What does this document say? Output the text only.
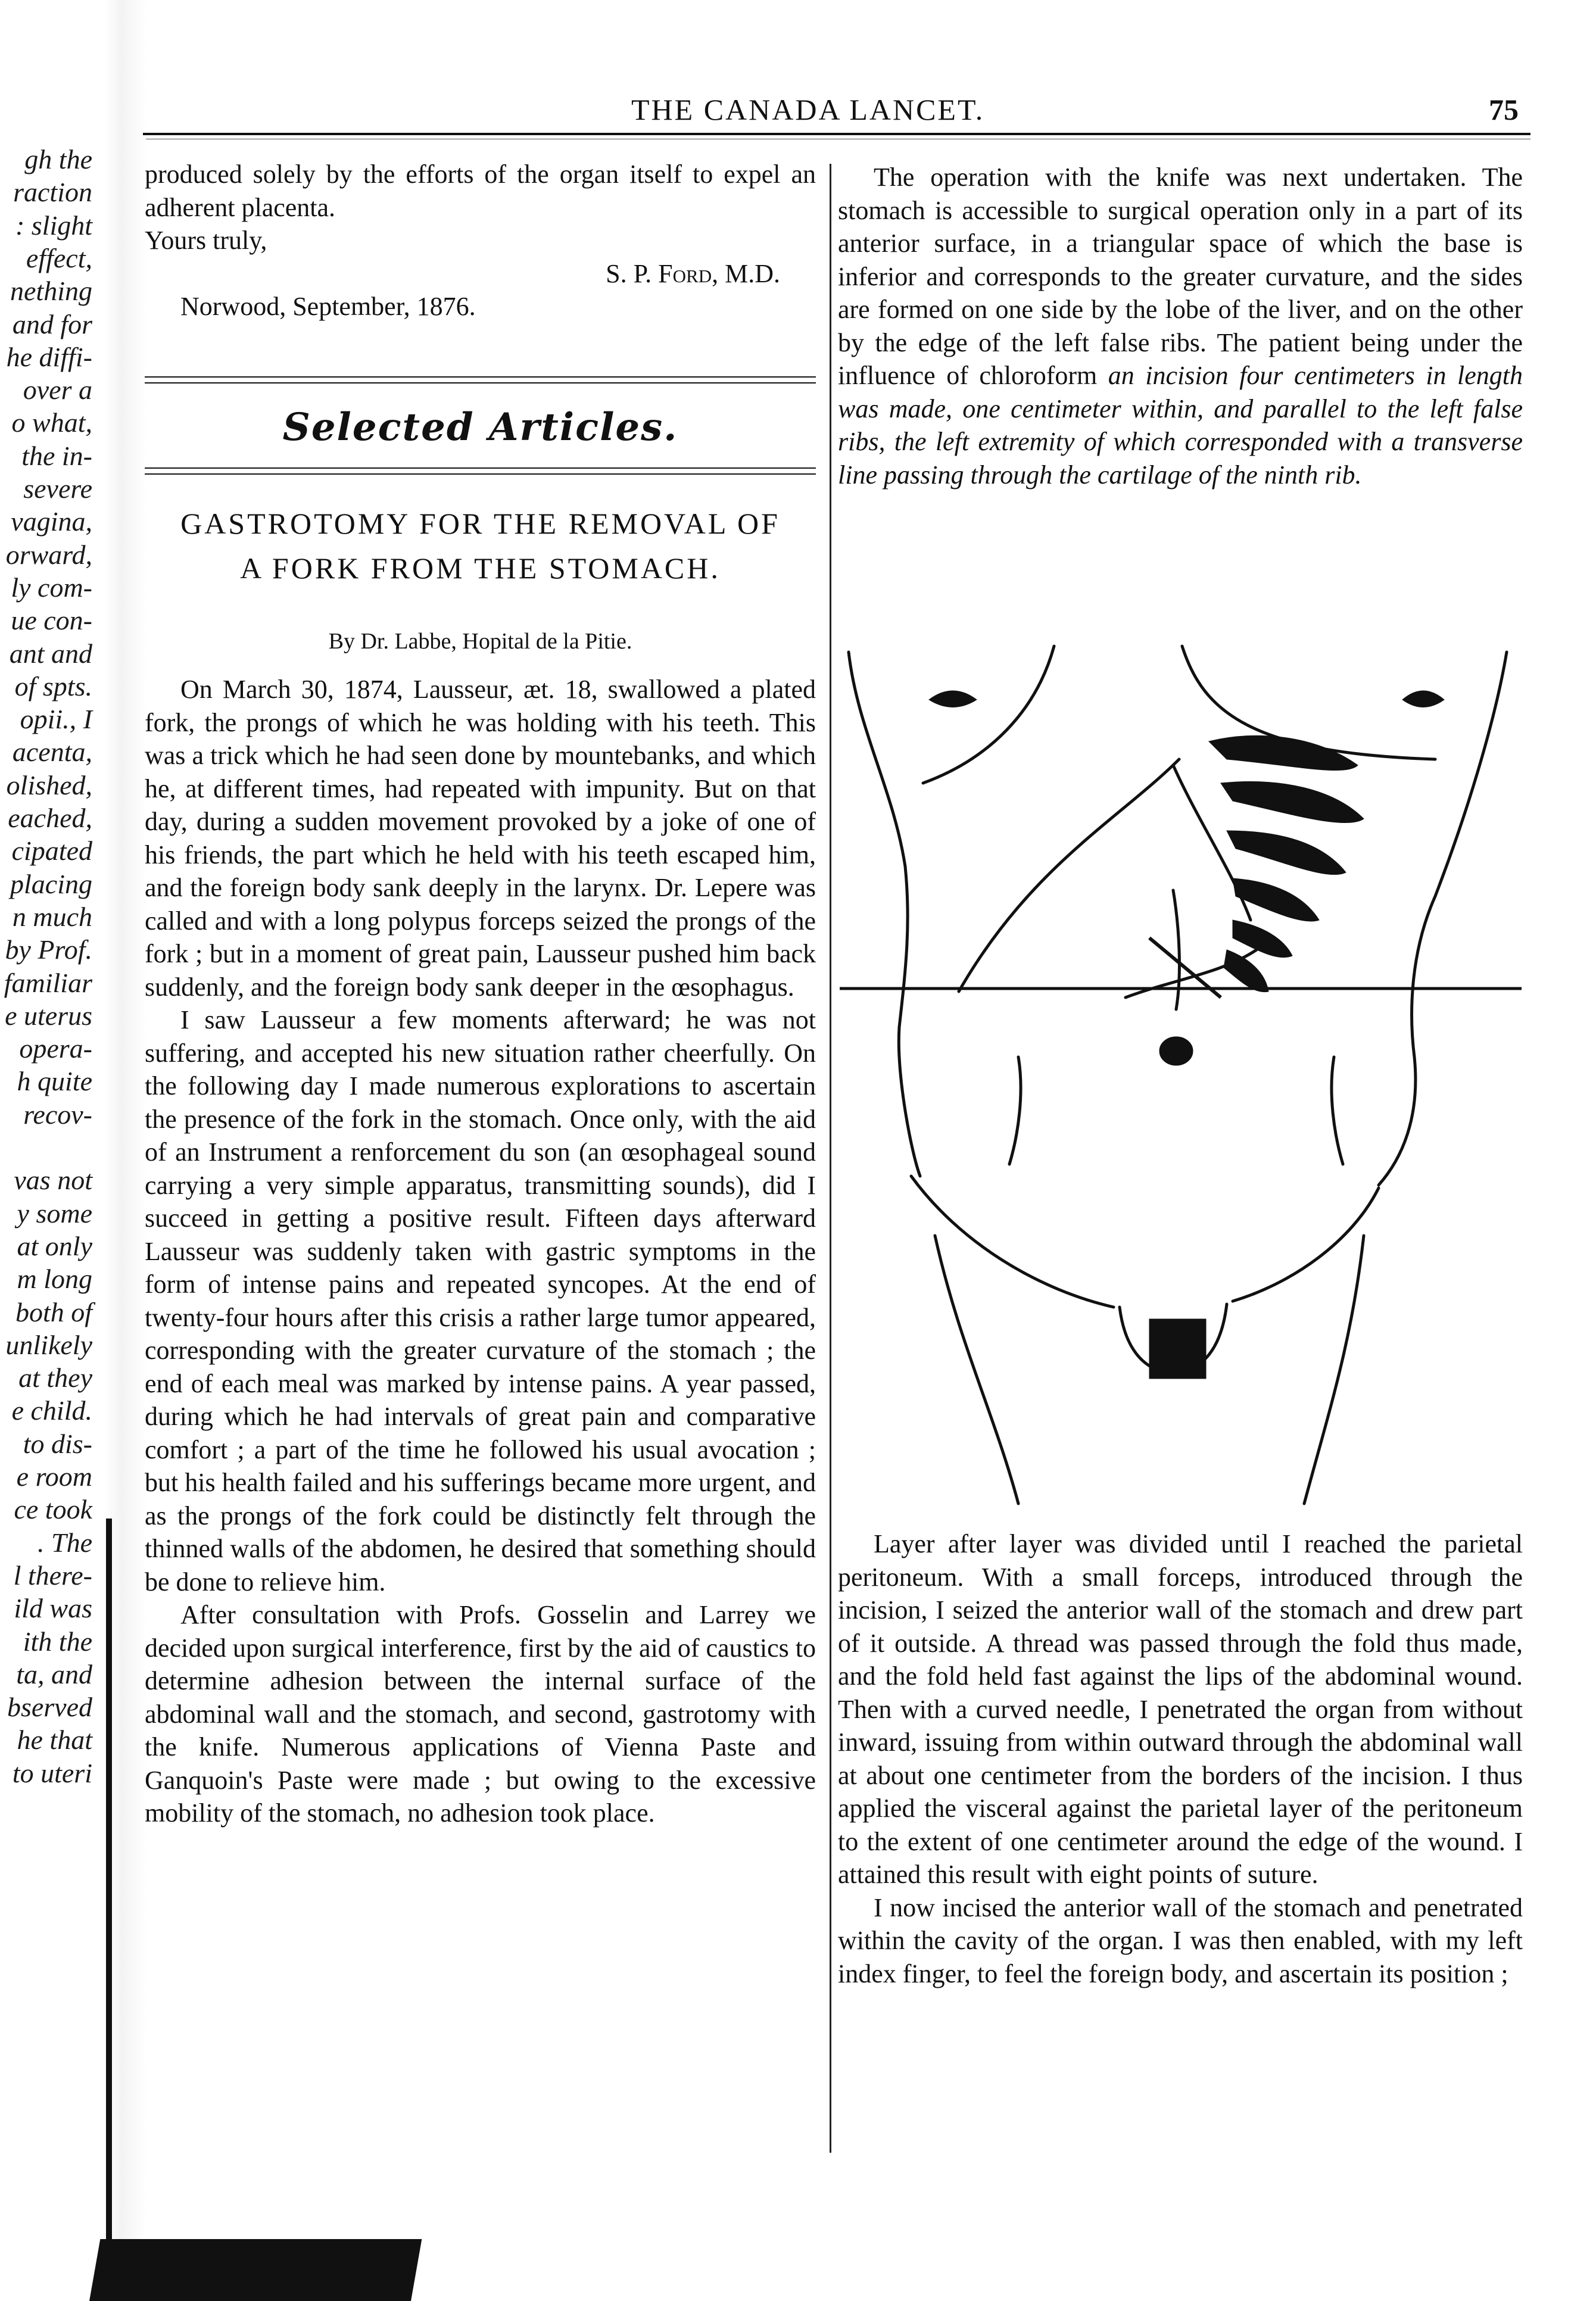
gh the
raction
: slight
effect,
nething
and for
he diffi-
over a
o what,
the in-
severe
vagina,
orward,
ly com-
ue con-
ant and
of spts.
opii., I
acenta,
olished,
eached,
cipated
placing
n much
by Prof.
familiar
e uterus
opera-
h quite
recov-
vas not
y some
at only
m long
both of
unlikely
at they
e child.
to dis-
e room
ce took
. The
l there-
ild was
ith the
ta, and
bserved
he that
to uteri
THE CANADA LANCET.	75

produced solely by the efforts of the organ itself to expel an adherent placenta.

Yours truly,

S. P. Ford, M.D.

Norwood, September, 1876.

Selected Articles.
GASTROTOMY FOR THE REMOVAL OF
A FORK FROM THE STOMACH.
By Dr. Labbe, Hopital de la Pitie.

On March 30, 1874, Lausseur, æt. 18, swallowed a plated fork, the prongs of which he was holding with his teeth. This was a trick which he had seen done by mountebanks, and which he, at different times, had repeated with impunity. But on that day, during a sudden movement provoked by a joke of one of his friends, the part which he held with his teeth escaped him, and the foreign body sank deeply in the larynx. Dr. Lepere was called and with a long polypus forceps seized the prongs of the fork ; but in a moment of great pain, Lausseur pushed him back suddenly, and the foreign body sank deeper in the œsophagus.

I saw Lausseur a few moments afterward; he was not suffering, and accepted his new situation rather cheerfully. On the following day I made numerous explorations to ascertain the presence of the fork in the stomach. Once only, with the aid of an Instrument a renforcement du son (an œsophageal sound carrying a very simple apparatus, transmitting sounds), did I succeed in getting a positive result. Fifteen days afterward Lausseur was suddenly taken with gastric symptoms in the form of intense pains and repeated syncopes. At the end of twenty-four hours after this crisis a rather large tumor appeared, corresponding with the greater curvature of the stomach ; the end of each meal was marked by intense pains. A year passed, during which he had intervals of great pain and comparative comfort ; a part of the time he followed his usual avocation ; but his health failed and his sufferings became more urgent, and as the prongs of the fork could be distinctly felt through the thinned walls of the abdomen, he desired that something should be done to relieve him.

After consultation with Profs. Gosselin and Larrey we decided upon surgical interference, first by the aid of caustics to determine adhesion between the internal surface of the abdominal wall and the stomach, and second, gastrotomy with the knife. Numerous applications of Vienna Paste and Ganquoin's Paste were made ; but owing to the excessive mobility of the stomach, no adhesion took place.

The operation with the knife was next undertaken. The stomach is accessible to surgical operation only in a part of its anterior surface, in a triangular space of which the base is inferior and corresponds to the greater curvature, and the sides are formed on one side by the lobe of the liver, and on the other by the edge of the left false ribs. The patient being under the influence of chloroform an incision four centimeters in length was made, one centimeter within, and parallel to the left false ribs, the left extremity of which corresponded with a transverse line passing through the cartilage of the ninth rib.

Layer after layer was divided until I reached the parietal peritoneum. With a small forceps, introduced through the incision, I seized the anterior wall of the stomach and drew part of it outside. A thread was passed through the fold thus made, and the fold held fast against the lips of the abdominal wound. Then with a curved needle, I penetrated the organ from without inward, issuing from within outward through the abdominal wall at about one centimeter from the borders of the incision. I thus applied the visceral against the parietal layer of the peritoneum to the extent of one centimeter around the edge of the wound. I attained this result with eight points of suture.

I now incised the anterior wall of the stomach and penetrated within the cavity of the organ. I was then enabled, with my left index finger, to feel the foreign body, and ascertain its position ;
